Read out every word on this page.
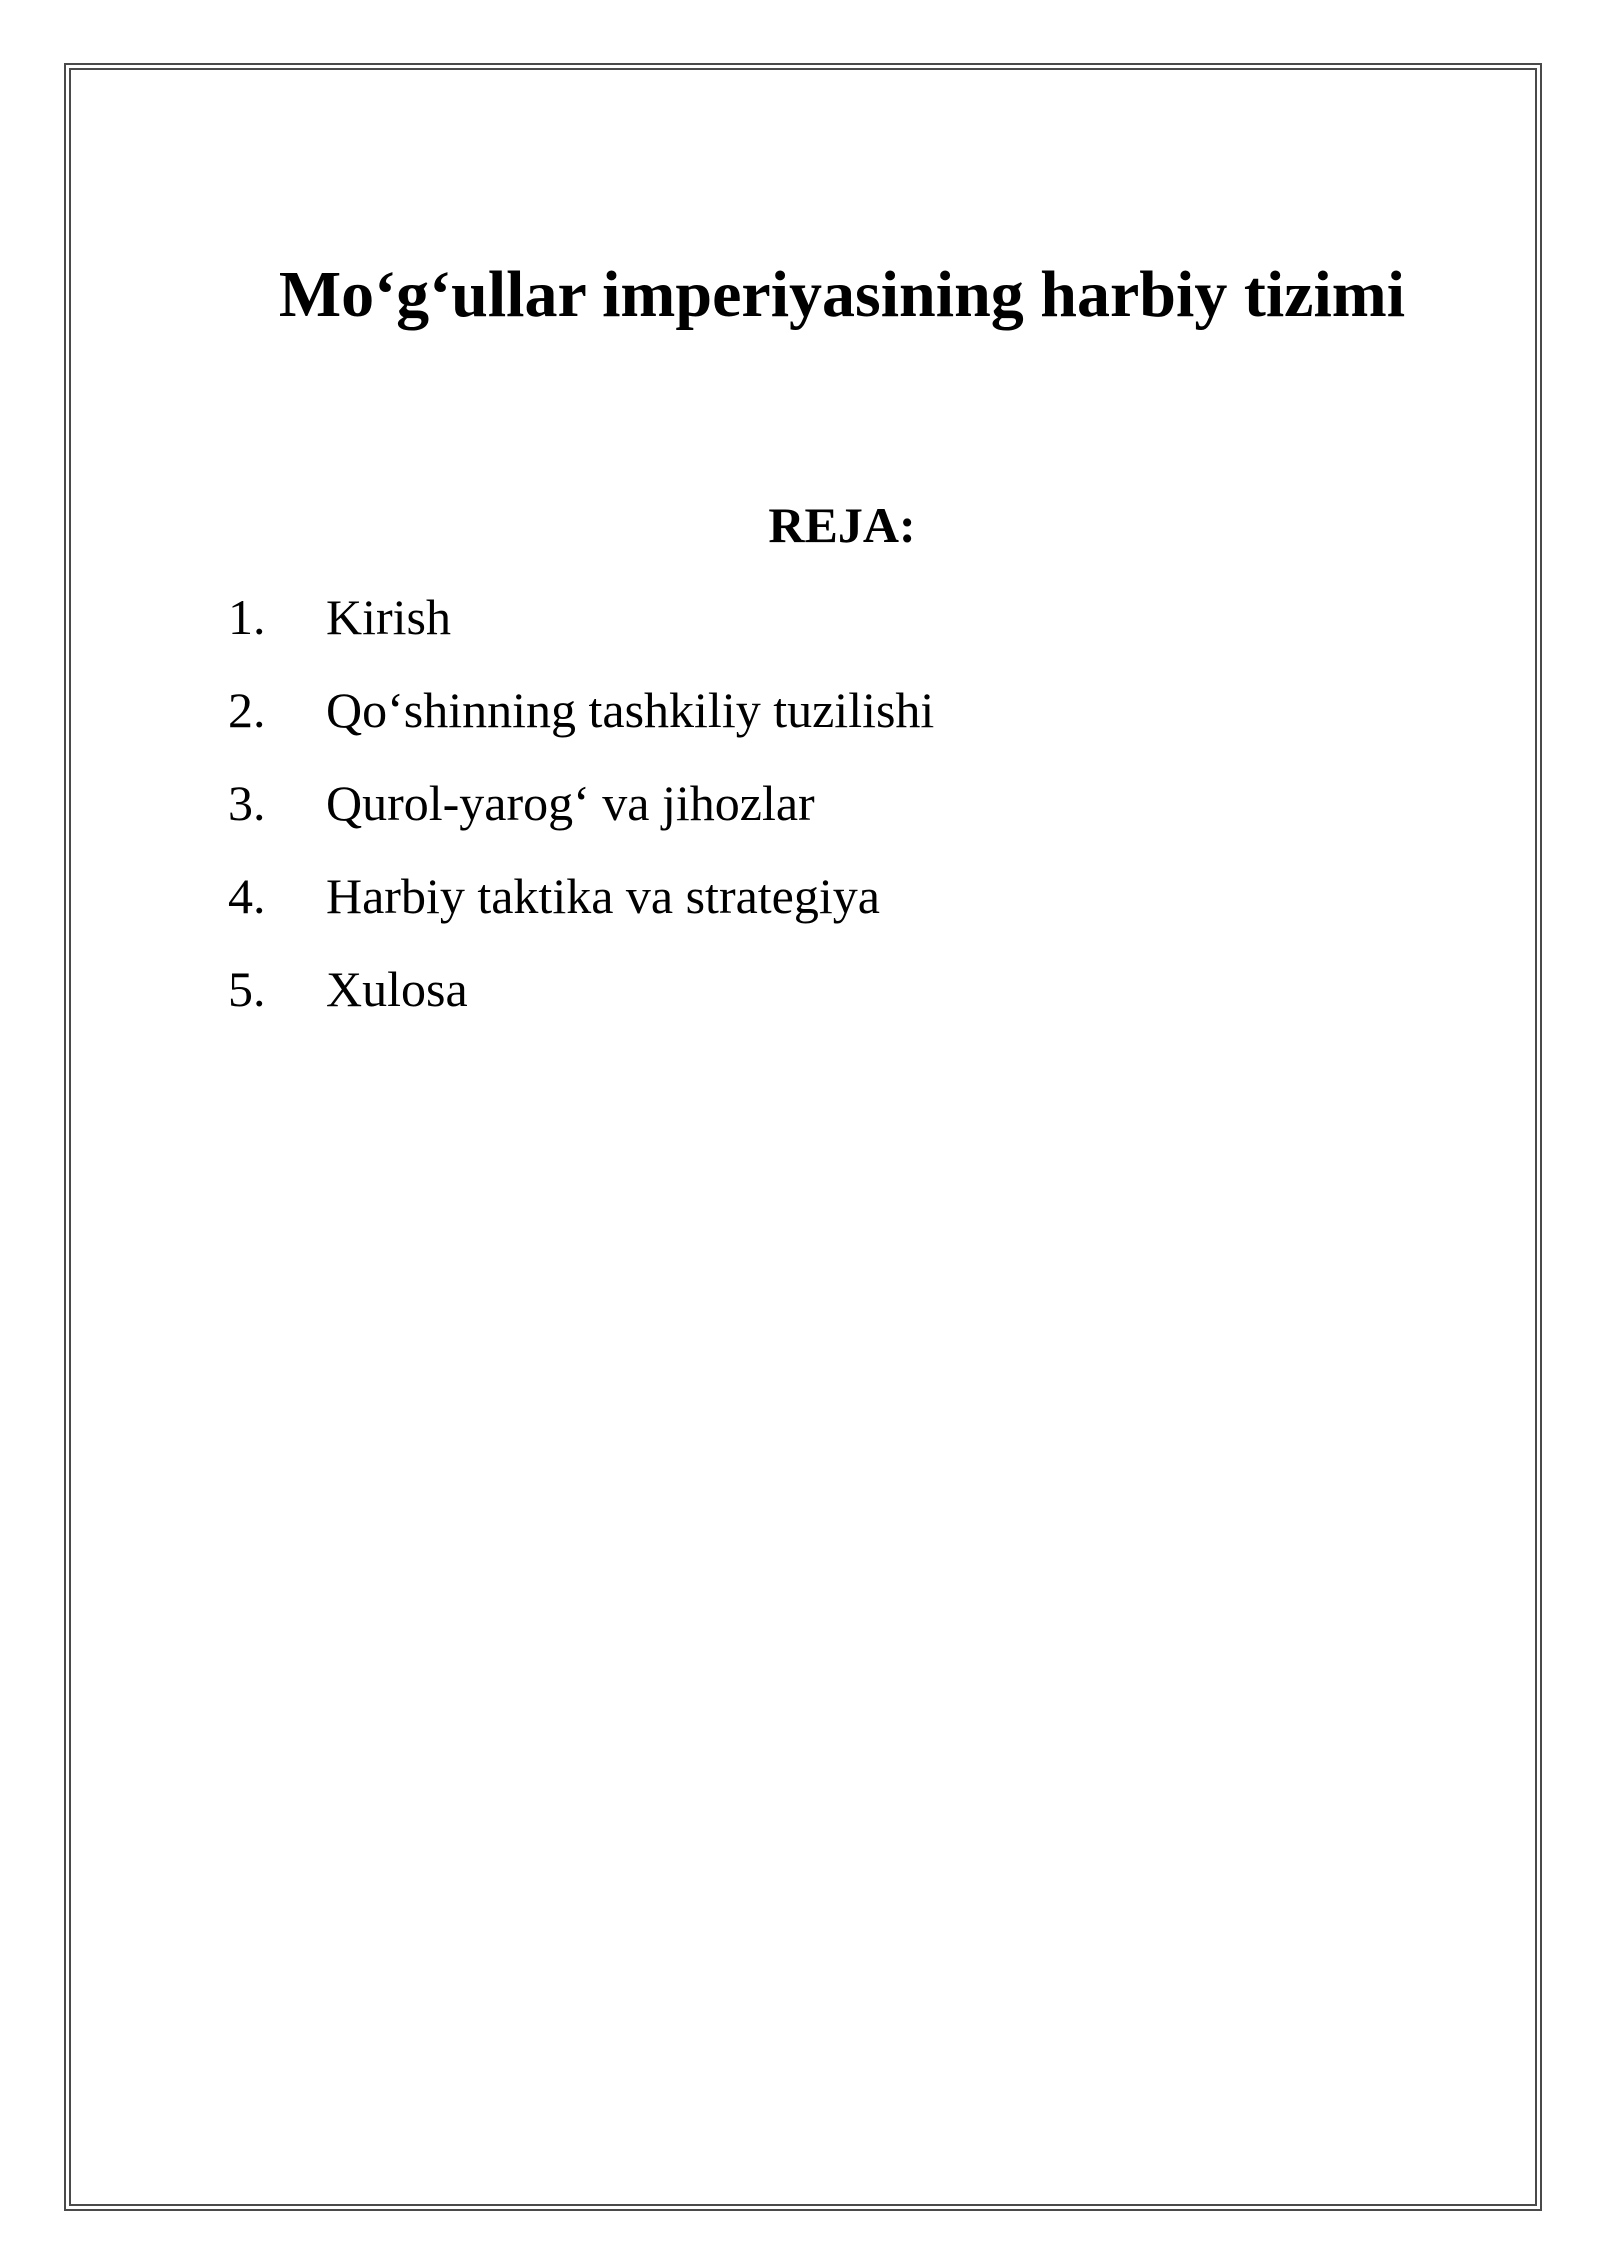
Mo‘g‘ullar imperiyasining harbiy tizimi
REJA:
1.	Kirish
2.	Qo‘shinning tashkiliy tuzilishi
3.	Qurol-yarog‘ va jihozlar
4.	Harbiy taktika va strategiya
5.	Xulosa
